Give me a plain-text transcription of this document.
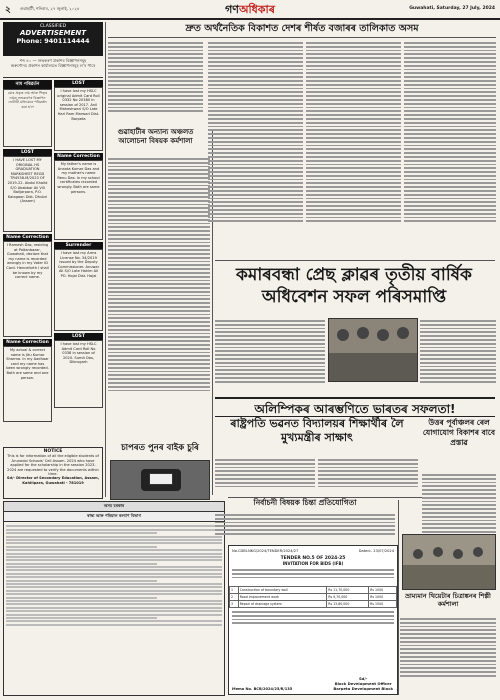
২ গুৱাহাটী, শনিবাৰ, ২৭ জুলাই, ২০২৪	গণঅধিকাৰ	Guwahati, Saturday, 27 July, 2024
CLASSIFIED
ADVERTISEMENT
Phone: 9401114444
শব্দ ৪০ — শুদ্ধকৰণ প্ৰকাশৰ বিজ্ঞাপনসমূহ
অৰুণোদয় প্ৰকাশন কাৰ্যালয়ত বিজ্ঞাপনসমূহ ল'ব পাৰে
নাম পৰিৱৰ্তন
মোৰ প্ৰকৃত নাম আৰু পিতৃৰ নামৰ শুদ্ধকৰণৰ বিজ্ঞাপন নোটাৰী মাধ্যমেৰে পৰিৱৰ্তন কৰা হ'ল
LOST
I HAVE LOST MY ORIGINAL HS GRADUATION MARKSHEET REGD TR4538-M/2023 OF 2019-22. Abdul Khalid S/O Akabbar Ali Vill Balijarpara, P.O. Kalagaon Dist. Dhubri (Assam)
Name Correction
I Ramesh Das, residing at Paltanbazar, Guwahati, declare that my name is recorded wrongly in my Voter ID Card. Henceforth I shall be known by my correct name.
Name Correction
My actual & correct name is Jitu Kumar Sharma. In my Aadhaar card my name has been wrongly recorded. Both are same and one person.
LOST
I have lost my HSLC original Admit Card Roll 0332 No 20380 in session of 2017. Anil Maheshwari S/O Late Hari Ram Marwari Dist. Barpeta
Name Correction
My father's name is Ananta Kumar Das and my mother's name Renu Das. In my school certificates recorded wrongly. Both are same persons.
Surrender
I have lost my Arms License No. 34/2019 issued by the Deputy Commissioner. Anuwar Ali S/O Late Hakim Ali PO. Hojai Dist. Hojai
LOST
I have lost my HSLC Admit Card Roll No 0338 in session of 2020. Sumit Das, Dibrugarh
NOTICE
This is for information of all the eligible students of Arunodoi Schools' Cell Assam. 2024 who have applied for the scholarship in the session 2023-2024 are requested to verify the documents within time.
Sd/- Director of Secondary Education, Assam, Kahilipara, Guwahati - 781019
অসম চৰকাৰ
স্বাস্থ্য আৰু পৰিয়াল কল্যাণ বিভাগ
দ্ৰুত অৰ্থনৈতিক বিকাশত দেশৰ শীৰ্ষত বজাৰৰ তালিকাত অসম
গুৱাহাটীৰ অন্যান্য অঞ্চলত আলোচনা বিষয়ক কৰ্মশালা
কমাৰবন্ধা প্ৰেছ ক্লাৱৰ তৃতীয় বাৰ্ষিক অধিবেশন সফল পৰিসমাপ্তি
অলিম্পিকৰ আৰম্ভণিতে ভাৰতৰ সফলতা!
ৰাষ্ট্ৰপতি ভৱনত বিদ্যালয়ৰ শিক্ষাৰ্থীৰ লৈ মুখ্যমন্ত্ৰীৰ সাক্ষাৎ
উত্তৰ পূৰ্বাঞ্চলৰ ৰেল যোগাযোগ বিকাশৰ বাবে প্ৰস্তাৱ
চাপৰত পুনৰ বাইক চুৰি
নিৰ্বাচনী বিষয়ক চিন্তা প্ৰতিযোগিতা
ভ্ৰাম্যমান থিয়েটাৰ চিত্ৰাঙ্কনৰ শিল্পী কৰ্মশালা
No.CDBI-NKG/2024/TENDER/2024/27	Dated:- 23/07/2024
TENDER NO.5 OF 2024-25
INVITATION FOR BIDS (IFB)
1	Construction of boundary wall	Rs 11,70,000	Rs 1000
2	Road improvement work	Rs 9,70,000	Rs 1000
3	Repair of drainage system	Rs 13,80,000	Rs 1500
Sd/-
Block Development Officer
Barpeta Development Block
Memo No. BCB/2024/25/R/135
